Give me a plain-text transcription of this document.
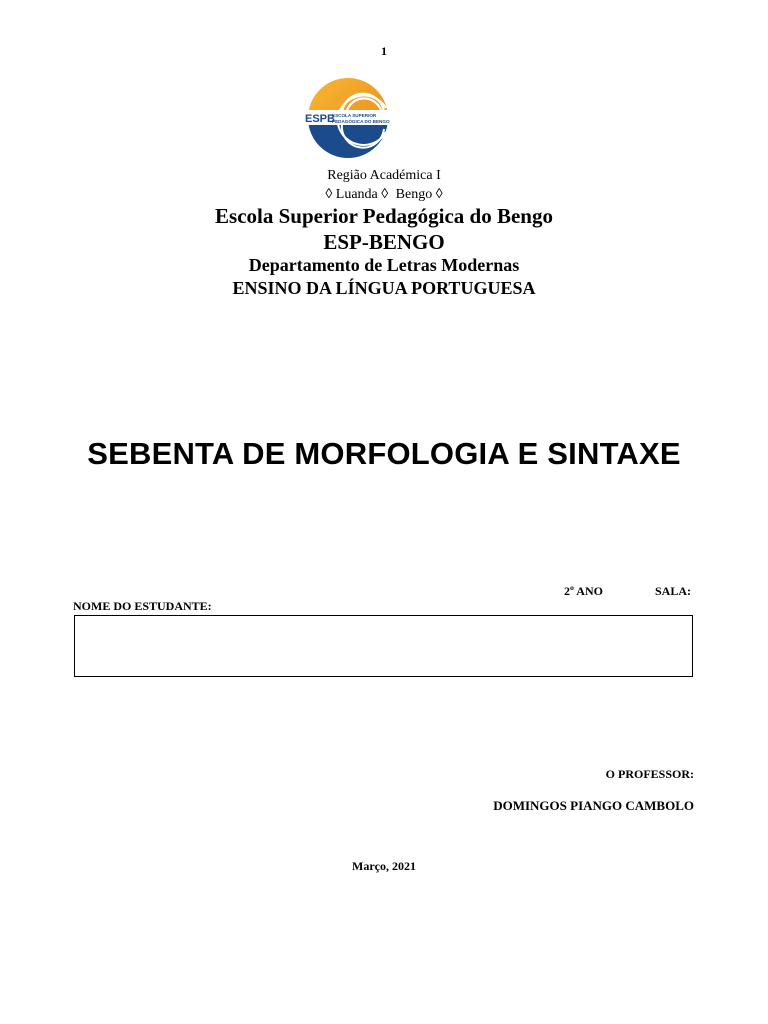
1
ESPB
ESCOLA SUPERIOR
PEDAGÓGICA DO BENGO
Região Académica I
◊ Luanda ◊ Bengo ◊
Escola Superior Pedagógica do Bengo
ESP-BENGO
Departamento de Letras Modernas
ENSINO DA LÍNGUA PORTUGUESA
SEBENTA DE MORFOLOGIA E SINTAXE
2º ANO	SALA:
NOME DO ESTUDANTE:
O PROFESSOR:
DOMINGOS PIANGO CAMBOLO
Março, 2021
